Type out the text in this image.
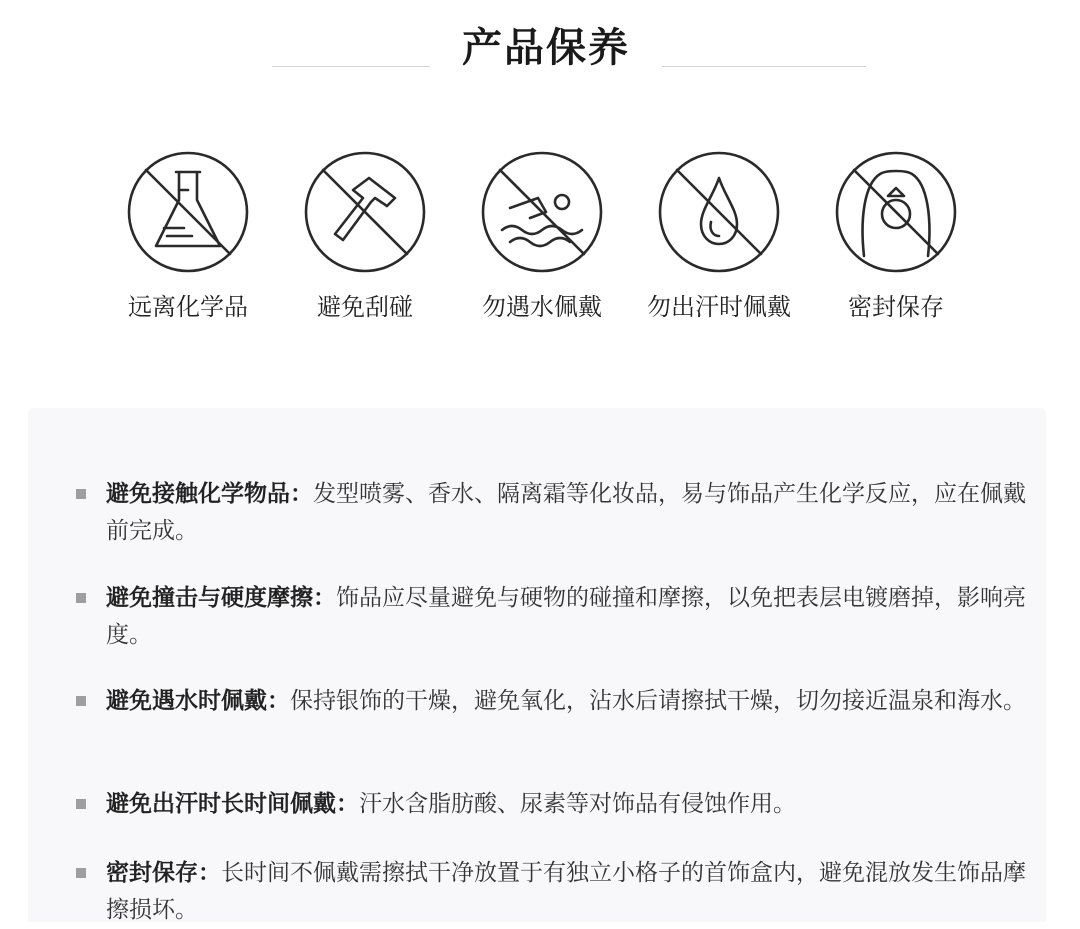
产品保养
远离化学品	避免刮碰	勿遇水佩戴	勿出汗时佩戴	密封保存
避免接触化学物品：发型喷雾、香水、隔离霜等化妆品，易与饰品产生化学反应，应在佩戴前完成。
避免撞击与硬度摩擦：饰品应尽量避免与硬物的碰撞和摩擦，以免把表层电镀磨掉，影响亮度。
避免遇水时佩戴：保持银饰的干燥，避免氧化，沾水后请擦拭干燥，切勿接近温泉和海水。
避免出汗时长时间佩戴：汗水含脂肪酸、尿素等对饰品有侵蚀作用。
密封保存：长时间不佩戴需擦拭干净放置于有独立小格子的首饰盒内，避免混放发生饰品摩擦损坏。
